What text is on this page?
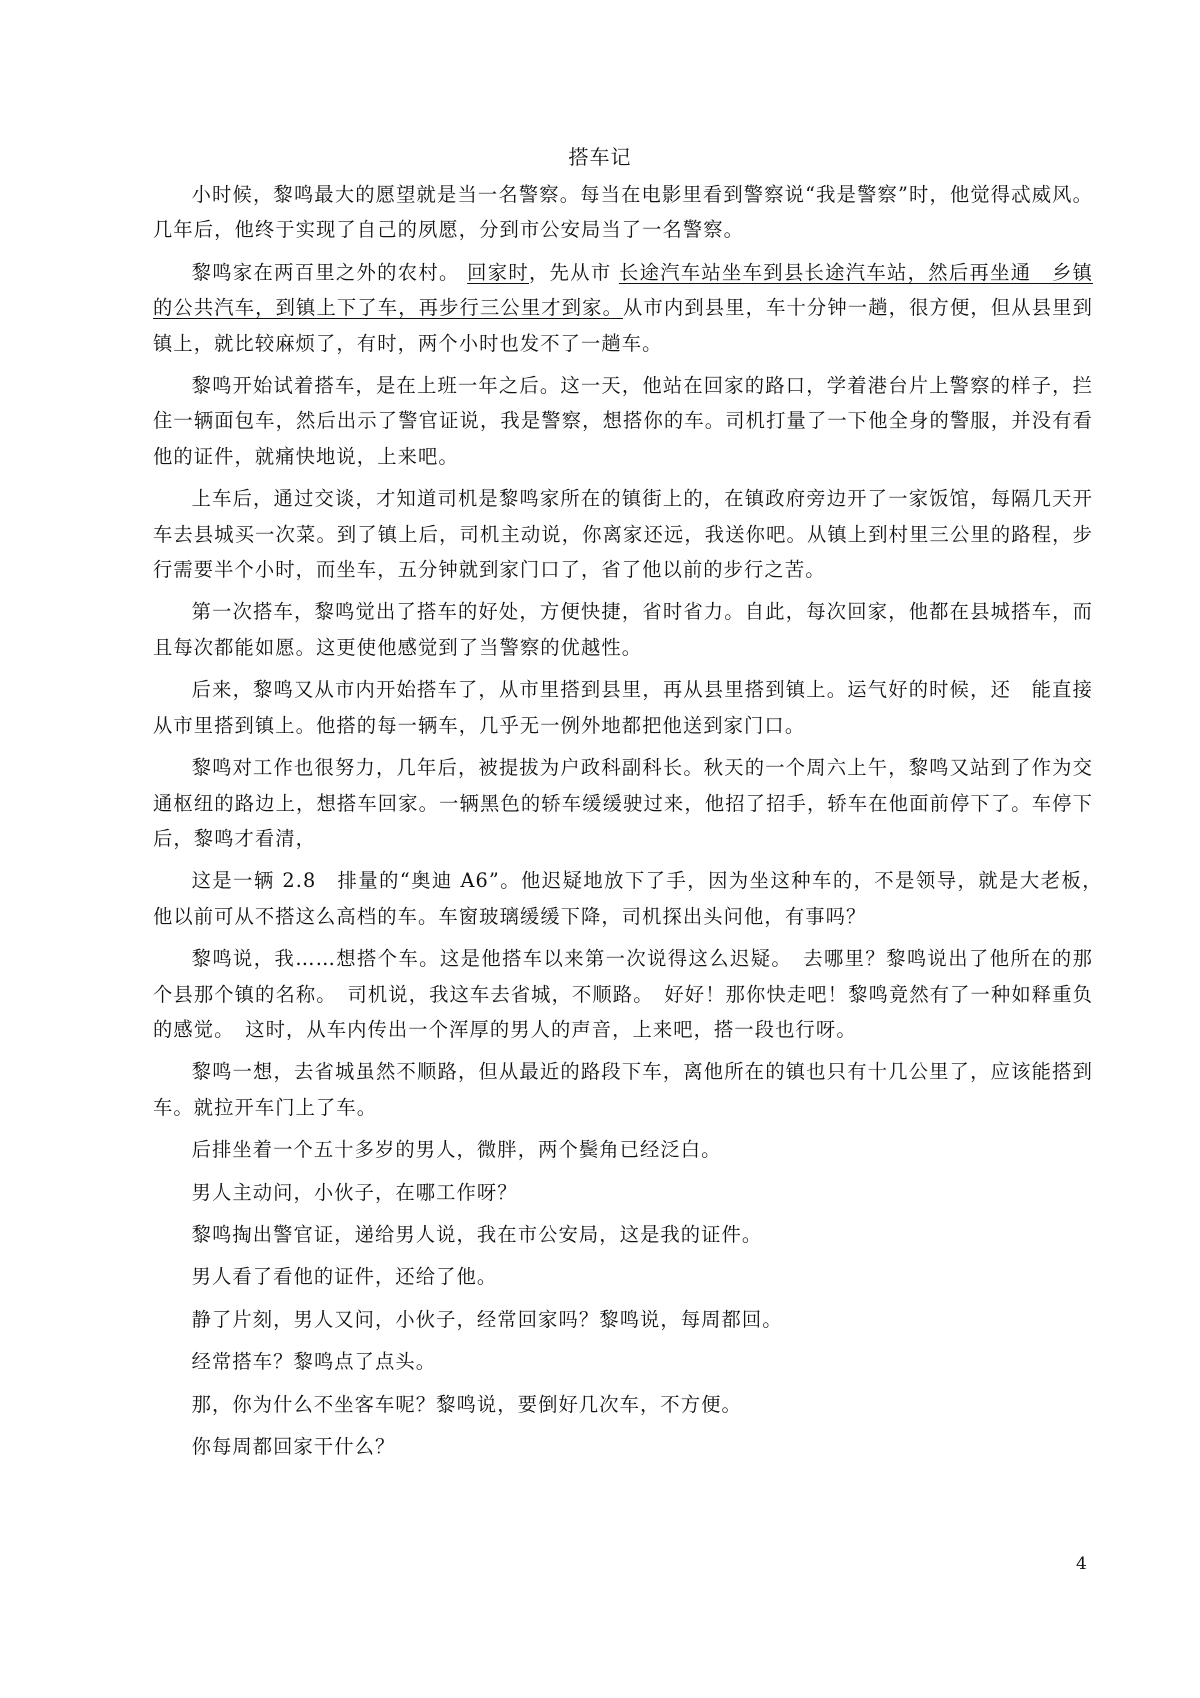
搭车记

小时候，黎鸣最大的愿望就是当一名警察。每当在电影里看到警察说“我是警察”时，他觉得忒威风。几年后，他终于实现了自己的夙愿，分到市公安局当了一名警察。

黎鸣家在两百里之外的农村。 回家时，先从市 长途汽车站坐车到县长途汽车站，然后再坐通　乡镇的公共汽车，到镇上下了车，再步行三公里才到家。从市内到县里，车十分钟一趟，很方便，但从县里到镇上，就比较麻烦了，有时，两个小时也发不了一趟车。

黎鸣开始试着搭车，是在上班一年之后。这一天，他站在回家的路口，学着港台片上警察的样子，拦住一辆面包车，然后出示了警官证说，我是警察，想搭你的车。司机打量了一下他全身的警服，并没有看他的证件，就痛快地说，上来吧。

上车后，通过交谈，才知道司机是黎鸣家所在的镇街上的，在镇政府旁边开了一家饭馆，每隔几天开车去县城买一次菜。到了镇上后，司机主动说，你离家还远，我送你吧。从镇上到村里三公里的路程，步行需要半个小时，而坐车，五分钟就到家门口了，省了他以前的步行之苦。

第一次搭车，黎鸣觉出了搭车的好处，方便快捷，省时省力。自此，每次回家，他都在县城搭车，而且每次都能如愿。这更使他感觉到了当警察的优越性。

后来，黎鸣又从市内开始搭车了，从市里搭到县里，再从县里搭到镇上。运气好的时候，还　能直接从市里搭到镇上。他搭的每一辆车，几乎无一例外地都把他送到家门口。

黎鸣对工作也很努力，几年后，被提拔为户政科副科长。秋天的一个周六上午，黎鸣又站到了作为交通枢纽的路边上，想搭车回家。一辆黑色的轿车缓缓驶过来，他招了招手，轿车在他面前停下了。车停下后，黎鸣才看清，

这是一辆 2.8　排量的“奥迪 A6”。他迟疑地放下了手，因为坐这种车的，不是领导，就是大老板，　他以前可从不搭这么高档的车。车窗玻璃缓缓下降，司机探出头问他，有事吗？

黎鸣说，我……想搭个车。这是他搭车以来第一次说得这么迟疑。　去哪里？黎鸣说出了他所在的那个县那个镇的名称。　司机说，我这车去省城，不顺路。　好好！那你快走吧！黎鸣竟然有了一种如释重负的感觉。　这时，从车内传出一个浑厚的男人的声音，上来吧，搭一段也行呀。

黎鸣一想，去省城虽然不顺路，但从最近的路段下车，离他所在的镇也只有十几公里了，应该能搭到车。就拉开车门上了车。

后排坐着一个五十多岁的男人，微胖，两个鬓角已经泛白。

男人主动问，小伙子，在哪工作呀？

黎鸣掏出警官证，递给男人说，我在市公安局，这是我的证件。

男人看了看他的证件，还给了他。

静了片刻，男人又问，小伙子，经常回家吗？黎鸣说，每周都回。

经常搭车？黎鸣点了点头。

那，你为什么不坐客车呢？黎鸣说，要倒好几次车，不方便。

你每周都回家干什么？

4
